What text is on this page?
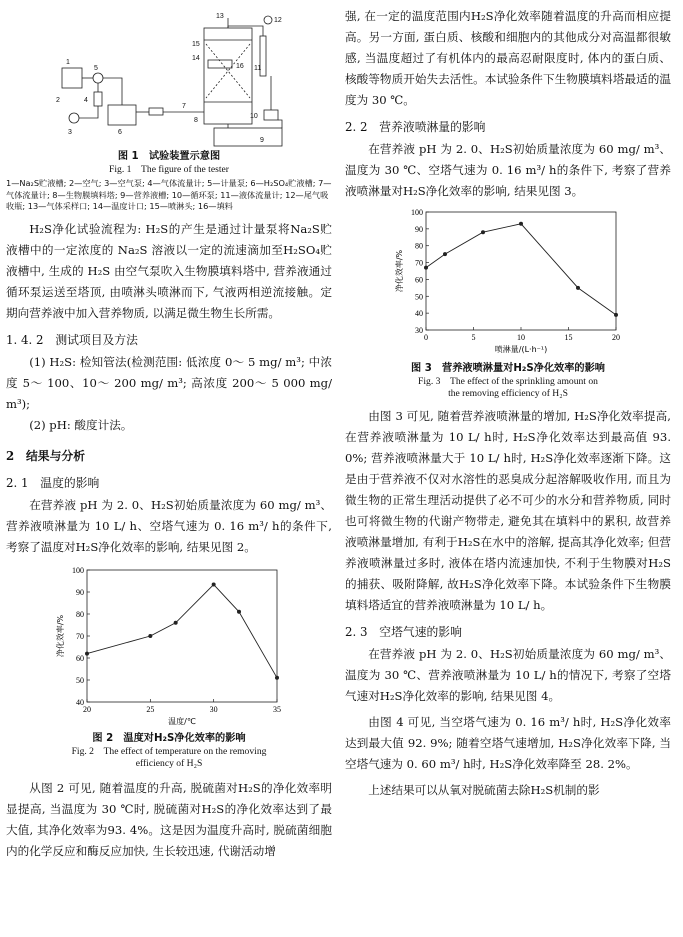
1
2
3
4
5
6
7
8
9
10
11
12
13
14
15
16
图 1　试验装置示意图
Fig. 1　The figure of the tester
1—Na₂S贮液槽; 2—空气; 3—空气泵; 4—气体流量计; 5—计量泵; 6—H₂SO₄贮液槽; 7—气体流量计; 8—生物膜填料塔; 9—营养液槽; 10—循环泵; 11—液体流量计; 12—尾气吸收瓶; 13—气体采样口; 14—温度计口; 15—喷淋头; 16—填料

H₂S净化试验流程为: H₂S的产生是通过计量泵将Na₂S贮液槽中的一定浓度的 Na₂S 溶液以一定的流速滴加至H₂SO₄贮液槽中, 生成的 H₂S 由空气泵吹入生物膜填料塔中, 营养液通过循环泵运送至塔顶, 由喷淋头喷淋而下, 气液两相逆流接触。定期向营养液中加入营养物质, 以满足微生物生长所需。

1. 4. 2　测试项目及方法

(1) H₂S: 检知管法(检测范围: 低浓度 0～ 5 mg/ m³; 中浓度 5～ 100、10～ 200 mg/ m³; 高浓度 200～ 5 000 mg/ m³);

(2) pH: 酸度计法。

2　结果与分析
2. 1　温度的影响

在营养液 pH 为 2. 0、H₂S初始质量浓度为 60 mg/ m³、营养液喷淋量为 10 L/ h、空塔气速为 0. 16 m³/ h的条件下, 考察了温度对H₂S净化效率的影响, 结果见图 2。

20	25	30	35
40
50
60
70
80
90
100
温度/℃
净化效率/%
图 2　温度对H₂S净化效率的影响
Fig. 2　The effect of temperature on the removing
efficiency of H₂S

从图 2 可见, 随着温度的升高, 脱硫菌对H₂S的净化效率明显提高, 当温度为 30 ℃时, 脱硫菌对H₂S的净化效率达到了最大值, 其净化效率为93. 4%。这是因为温度升高时, 脱硫菌细胞内的化学反应和酶反应加快, 生长较迅速, 代谢活动增

强, 在一定的温度范围内H₂S净化效率随着温度的升高而相应提高。另一方面, 蛋白质、核酸和细胞内的其他成分对高温都很敏感, 当温度超过了有机体内的最高忍耐限度时, 体内的蛋白质、核酸等物质开始失去活性。本试验条件下生物膜填料塔最适的温度为 30 ℃。

2. 2　营养液喷淋量的影响

在营养液 pH 为 2. 0、H₂S初始质量浓度为 60 mg/ m³、温度为 30 ℃、空塔气速为 0. 16 m³/ h的条件下, 考察了营养液喷淋量对H₂S净化效率的影响, 结果见图 3。

0	5	10	15	20
30
40
50
60
70
80
90
100
喷淋量/(L·h⁻¹)
净化效率/%
图 3　营养液喷淋量对H₂S净化效率的影响
Fig. 3　The effect of the sprinkling amount on
the removing efficiency of H₂S

由图 3 可见, 随着营养液喷淋量的增加, H₂S净化效率提高, 在营养液喷淋量为 10 L/ h时, H₂S净化效率达到最高值 93. 0%; 营养液喷淋量大于 10 L/ h时, H₂S净化效率逐渐下降。这是由于营养液不仅对水溶性的恶臭成分起溶解吸收作用, 而且为微生物的正常生理活动提供了必不可少的水分和营养物质, 同时也可将微生物的代谢产物带走, 避免其在填料中的累积, 故营养液喷淋量增加, 有利于H₂S在水中的溶解, 提高其净化效率; 但营养液喷淋量过多时, 液体在塔内流速加快, 不利于生物膜对H₂S的捕获、吸附降解, 故H₂S净化效率下降。本试验条件下生物膜填料塔适宜的营养液喷淋量为 10 L/ h。

2. 3　空塔气速的影响

在营养液 pH 为 2. 0、H₂S初始质量浓度为 60 mg/ m³、温度为 30 ℃、营养液喷淋量为 10 L/ h的情况下, 考察了空塔气速对H₂S净化效率的影响, 结果见图 4。

由图 4 可见, 当空塔气速为 0. 16 m³/ h时, H₂S净化效率达到最大值 92. 9%; 随着空塔气速增加, H₂S净化效率下降, 当空塔气速为 0. 60 m³/ h时, H₂S净化效率降至 28. 2%。

上述结果可以从氧对脱硫菌去除H₂S机制的影
